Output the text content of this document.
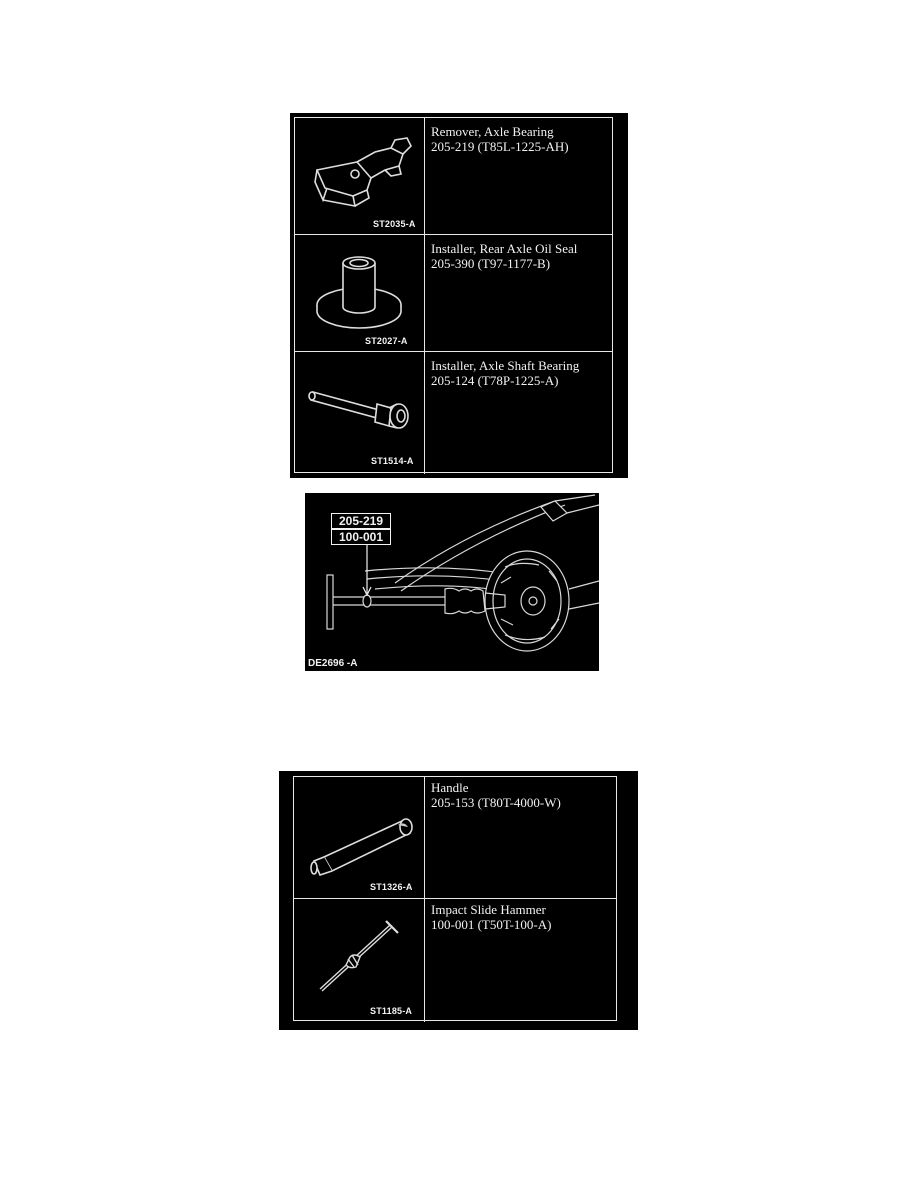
ST2035-A
Remover, Axle Bearing
205-219 (T85L-1225-AH)
ST2027-A
Installer, Rear Axle Oil Seal
205-390 (T97-1177-B)
ST1514-A
Installer, Axle Shaft Bearing
205-124 (T78P-1225-A)
205-219
100-001
DE2696 -A
ST1326-A
Handle
205-153 (T80T-4000-W)
ST1185-A
Impact Slide Hammer
100-001 (T50T-100-A)
